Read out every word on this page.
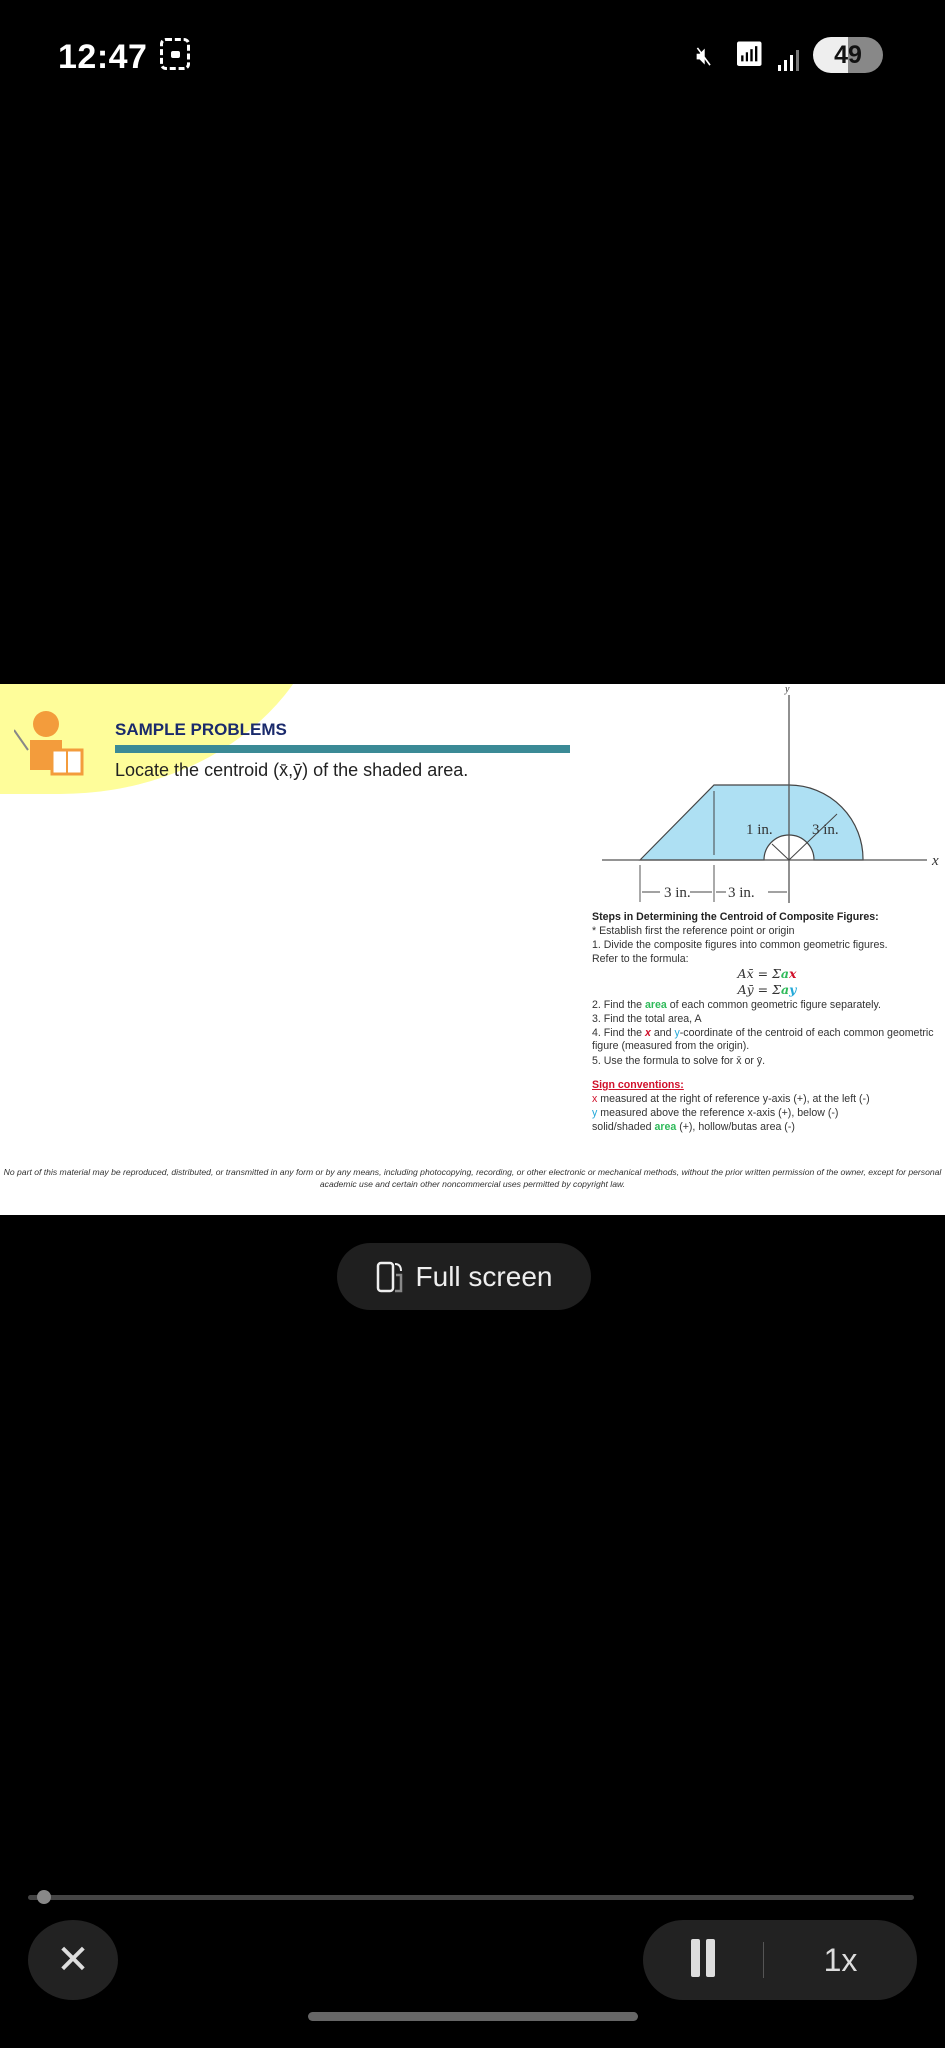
12:47	🔇︎ 📶︎	49
SAMPLE PROBLEMS
Locate the centroid (x̄,ȳ) of the shaded area.
x
y
1 in.	3 in.
3 in. 3 in.
Steps in Determining the Centroid of Composite Figures:
* Establish first the reference point or origin
1. Divide the composite figures into common geometric figures.
Refer to the formula:
Ax̄ = Σax
Aȳ = Σay
2. Find the area of each common geometric figure separately.
3. Find the total area, A
4. Find the x and y-coordinate of the centroid of each common geometric figure (measured from the origin).
5. Use the formula to solve for x̄ or ȳ.
Sign conventions:
x measured at the right of reference y-axis (+), at the left (-)
y measured above the reference x-axis (+), below (-)
solid/shaded area (+), hollow/butas area (-)
No part of this material may be reproduced, distributed, or transmitted in any form or by any means, including photocopying, recording, or other electronic or mechanical methods, without the prior written permission of the owner, except for personal academic use and certain other noncommercial uses permitted by copyright law.
Full screen
✕	1x
